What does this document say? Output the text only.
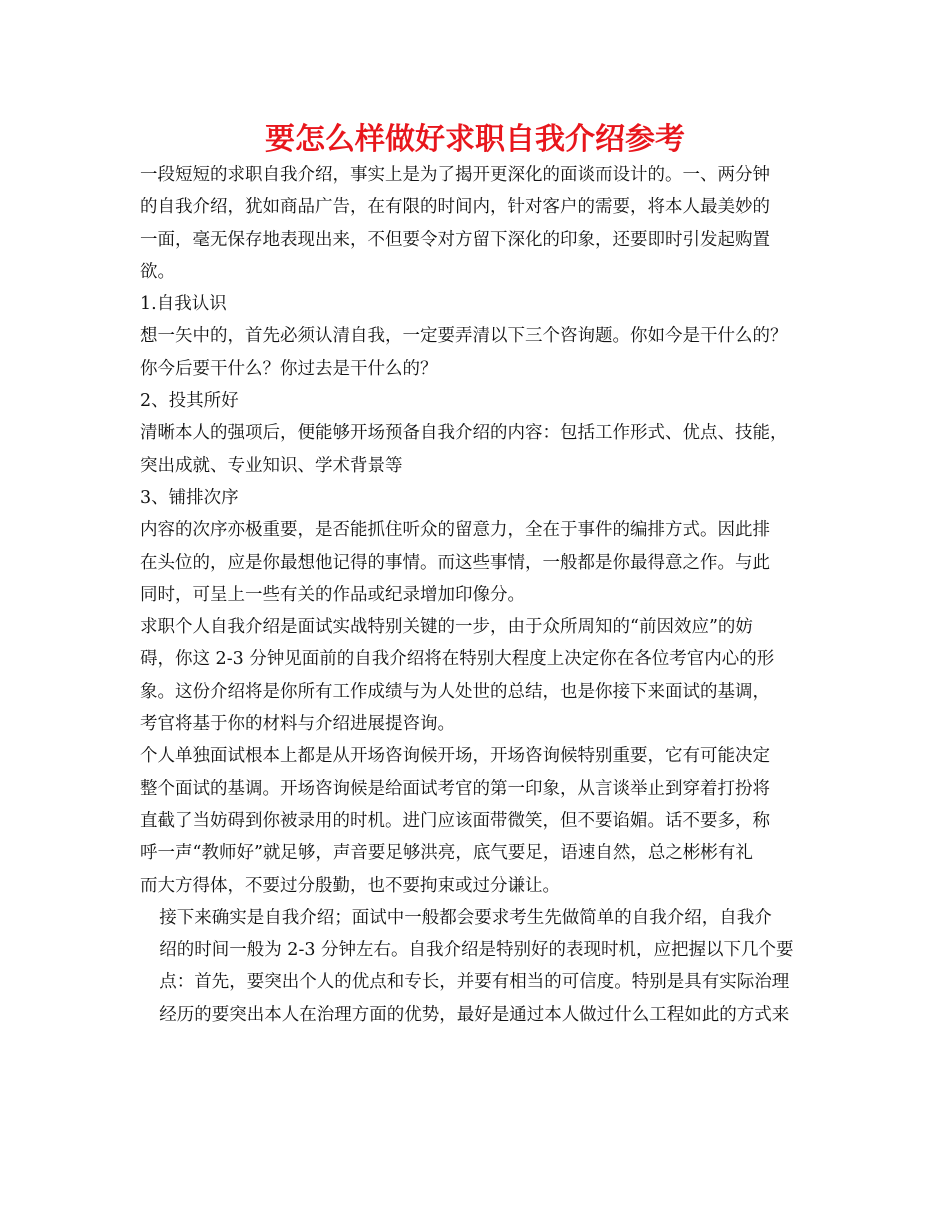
要怎么样做好求职自我介绍参考

一段短短的求职自我介绍，事实上是为了揭开更深化的面谈而设计的。一、两分钟
的自我介绍，犹如商品广告，在有限的时间内，针对客户的需要，将本人最美妙的
一面，毫无保存地表现出来，不但要令对方留下深化的印象，还要即时引发起购置
欲。

1.自我认识

想一矢中的，首先必须认清自我，一定要弄清以下三个咨询题。你如今是干什么的？
你今后要干什么？你过去是干什么的？

2、投其所好

清晰本人的强项后，便能够开场预备自我介绍的内容：包括工作形式、优点、技能，
突出成就、专业知识、学术背景等

3、铺排次序

内容的次序亦极重要，是否能抓住听众的留意力，全在于事件的编排方式。因此排
在头位的，应是你最想他记得的事情。而这些事情，一般都是你最得意之作。与此
同时，可呈上一些有关的作品或纪录增加印像分。

求职个人自我介绍是面试实战特别关键的一步，由于众所周知的“前因效应”的妨
碍，你这 2-3 分钟见面前的自我介绍将在特别大程度上决定你在各位考官内心的形
象。这份介绍将是你所有工作成绩与为人处世的总结，也是你接下来面试的基调，
考官将基于你的材料与介绍进展提咨询。

个人单独面试根本上都是从开场咨询候开场，开场咨询候特别重要，它有可能决定
整个面试的基调。开场咨询候是给面试考官的第一印象，从言谈举止到穿着打扮将
直截了当妨碍到你被录用的时机。进门应该面带微笑，但不要谄媚。话不要多，称
呼一声“教师好”就足够，声音要足够洪亮，底气要足，语速自然，总之彬彬有礼
而大方得体，不要过分殷勤，也不要拘束或过分谦让。

接下来确实是自我介绍；面试中一般都会要求考生先做简单的自我介绍，自我介
绍的时间一般为 2-3 分钟左右。自我介绍是特别好的表现时机，应把握以下几个要
点：首先，要突出个人的优点和专长，并要有相当的可信度。特别是具有实际治理
经历的要突出本人在治理方面的优势，最好是通过本人做过什么工程如此的方式来
